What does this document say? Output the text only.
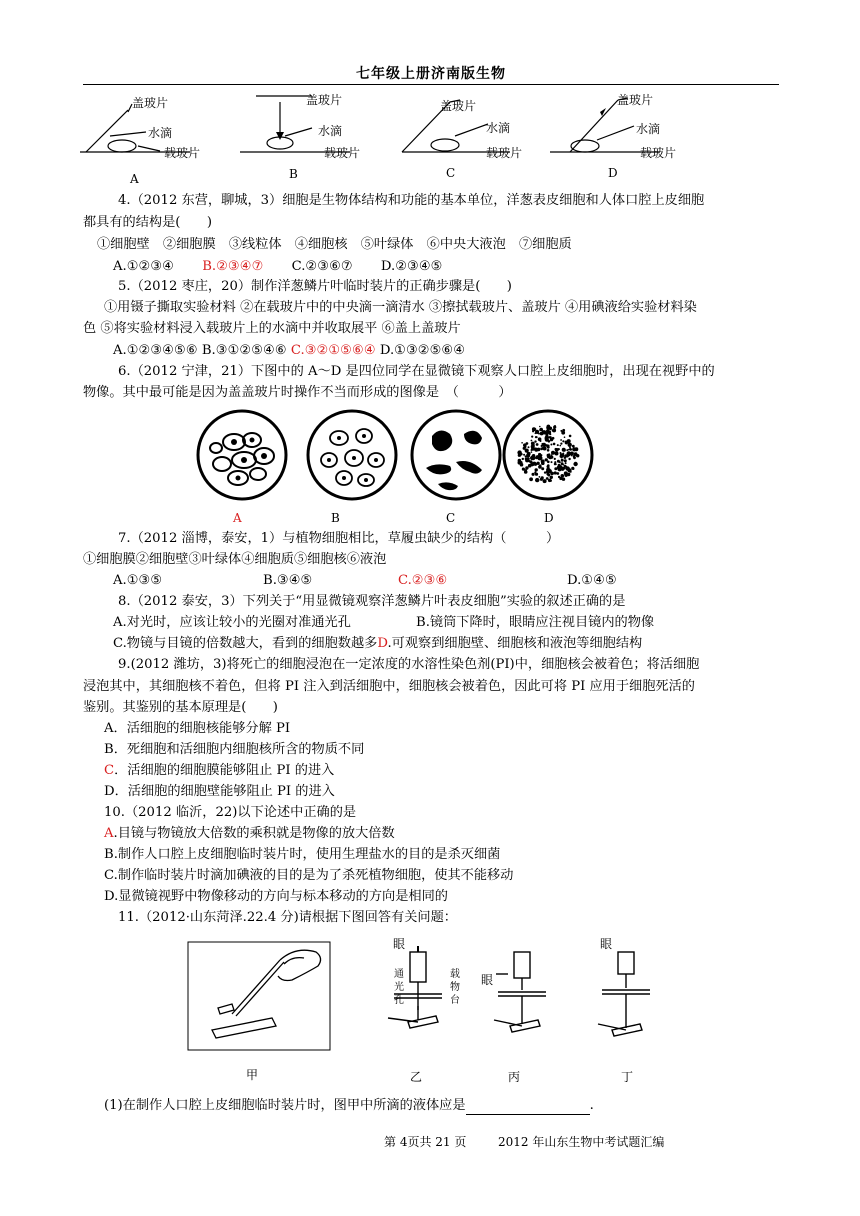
七年级上册济南版生物
盖玻片
水滴
载玻片
盖玻片
水滴
载玻片
盖玻片
水滴
载玻片
盖玻片
水滴
载玻片
A	B	C	D
4.（2012 东营，聊城，3）细胞是生物体结构和功能的基本单位，洋葱表皮细胞和人体口腔上皮细胞
都具有的结构是(　　)
①细胞壁　②细胞膜　③线粒体　④细胞核　⑤叶绿体　⑥中央大液泡　⑦细胞质
A.①②③④ B.②③④⑦ C.②③⑥⑦ D.②③④⑤
5.（2012 枣庄，20）制作洋葱鳞片叶临时装片的正确步骤是(　　)
①用镊子撕取实验材料 ②在载玻片中的中央滴一滴清水 ③擦拭载玻片、盖玻片 ④用碘液给实验材料染
色 ⑤将实验材料浸入载玻片上的水滴中并收取展平 ⑥盖上盖玻片
A.①②③④⑤⑥ B.③①②⑤④⑥ C.③②①⑤⑥④ D.①③②⑤⑥④
6.（2012 宁津，21）下图中的 A～D 是四位同学在显微镜下观察人口腔上皮细胞时，出现在视野中的
物像。其中最可能是因为盖盖玻片时操作不当而形成的图像是　（　　　）
A	B	C	D
7.（2012 淄博，泰安，1）与植物细胞相比，草履虫缺少的结构（　　　）
①细胞膜②细胞壁③叶绿体④细胞质⑤细胞核⑥液泡
A.①③⑤	B.③④⑤	C.②③⑥	D.①④⑤
8.（2012 泰安，3）下列关于“用显微镜观察洋葱鳞片叶表皮细胞”实验的叙述正确的是
A.对光时，应该让较小的光圈对准通光孔	B.镜筒下降时，眼睛应注视目镜内的物像
C.物镜与目镜的倍数越大，看到的细胞数越多D.可观察到细胞壁、细胞核和液泡等细胞结构
9.(2012 潍坊，3)将死亡的细胞浸泡在一定浓度的水溶性染色剂(PI)中，细胞核会被着色；将活细胞
浸泡其中，其细胞核不着色，但将 PI 注入到活细胞中，细胞核会被着色，因此可将 PI 应用于细胞死活的
鉴别。其鉴别的基本原理是(　　)
A．活细胞的细胞核能够分解 PI
B．死细胞和活细胞内细胞核所含的物质不同
C．活细胞的细胞膜能够阻止 PI 的进入
D．活细胞的细胞壁能够阻止 PI 的进入
10.（2012 临沂，22)以下论述中正确的是
A.目镜与物镜放大倍数的乘积就是物像的放大倍数
B.制作人口腔上皮细胞临时装片时，使用生理盐水的目的是杀灭细菌
C.制作临时装片时滴加碘液的目的是为了杀死植物细胞，使其不能移动
D.显微镜视野中物像移动的方向与标本移动的方向是相同的
11.（2012·山东菏泽.22.4 分)请根据下图回答有关问题：
眼
通光孔
载物台
眼
眼
甲	乙	丙	丁
(1)在制作人口腔上皮细胞临时装片时，图甲中所滴的液体应是	.
第 4页共 21 页	2012 年山东生物中考试题汇编
